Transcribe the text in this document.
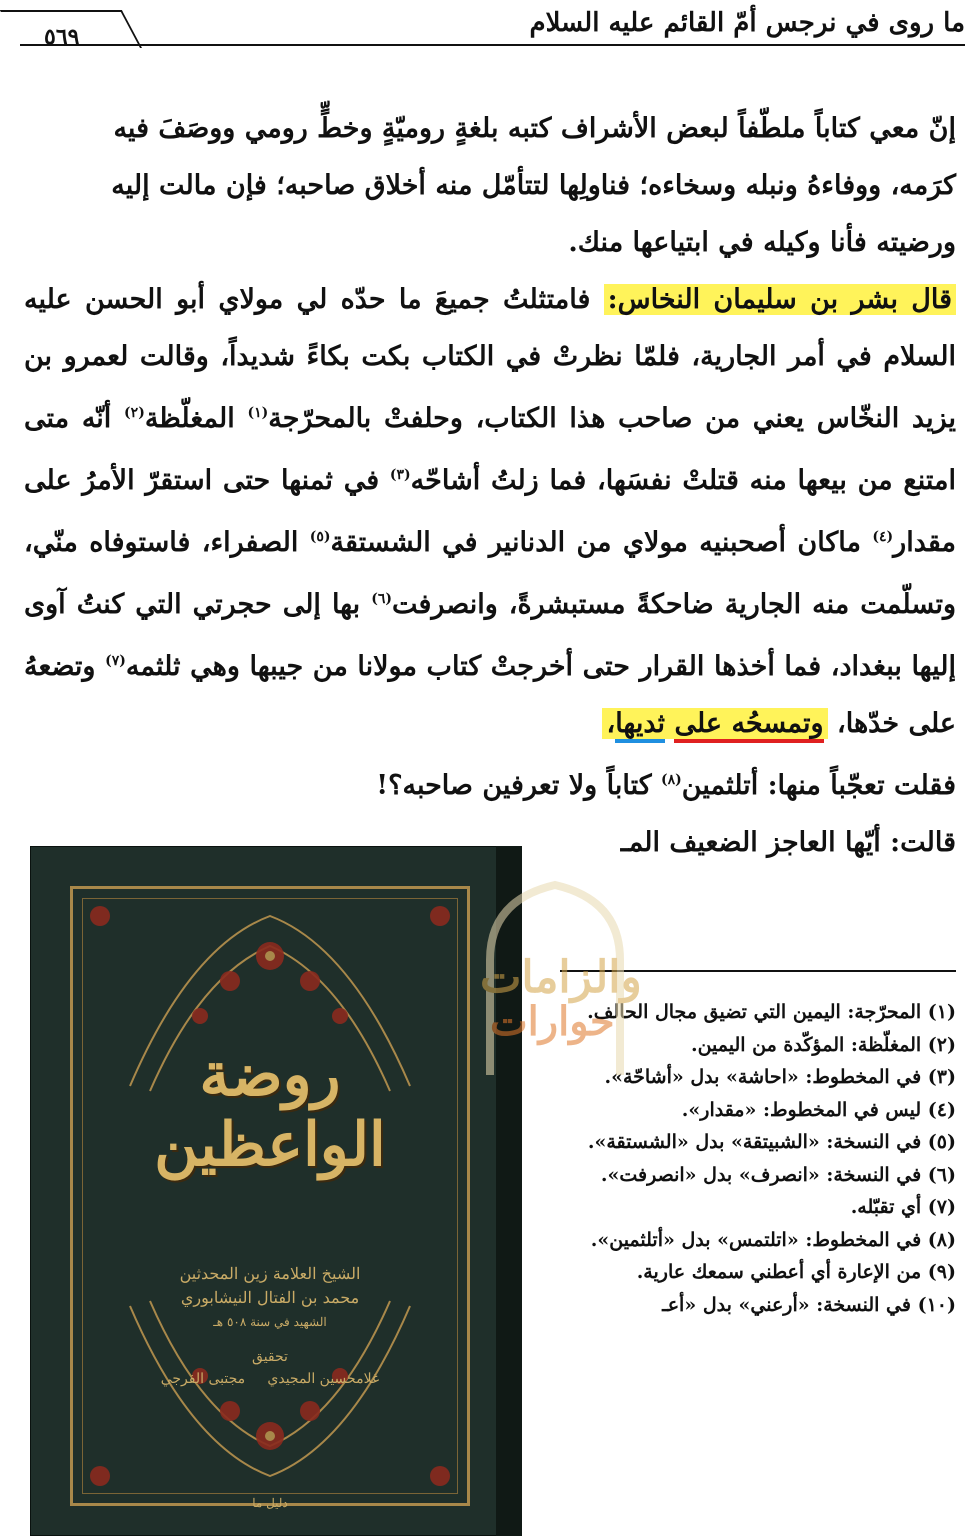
٥٦٩	ما روى في نرجس أمّ القائم عليه السلام

إنّ معي كتاباً ملطّفاً لبعض الأشراف كتبه بلغةٍ روميّةٍ وخطٍّ رومي ووصَفَ فيه

كرَمه، ووفاءهُ ونبله وسخاءه؛ فناولِها لتتأمّل منه أخلاق صاحبه؛ فإن مالت إليه

ورضيته فأنا وكيله في ابتياعها منك.

قال بشر بن سليمان النخاس: فامتثلتُ جميعَ ما حدّه لي مولاي أبو الحسن عليه السلام في أمر الجارية، فلمّا نظرتْ في الكتاب بكت بكاءً شديداً، وقالت لعمرو بن يزيد النخّاس يعني من صاحب هذا الكتاب، وحلفتْ بالمحرّجة$^{(١)}$ المغلّظة$^{(٢)}$ أنّه متى امتنع من بيعها منه قتلتْ نفسَها، فما زلتُ أشاحّه$^{(٣)}$ في ثمنها حتى استقرّ الأمرُ على مقدار$^{(٤)}$ ماكان أصحبنيه مولاي من الدنانير في الشستقة$^{(٥)}$ الصفراء، فاستوفاه منّي، وتسلّمت منه الجارية ضاحكةً مستبشرةً، وانصرفت$^{(٦)}$ بها إلى حجرتي التي كنتُ آوى إليها ببغداد، فما أخذها القرار حتى أخرجتْ كتاب مولانا من جيبها وهي ثلثمه$^{(٧)}$ وتضعهُ على خدّها، وتمسحُه على ثديها،

فقلت تعجّباً منها: أتلثمين$^{(٨)}$ كتاباً ولا تعرفين صاحبه؟!

قالت: أيّها العاجز الضعيف المـ

(١) المحرّجة: اليمين التي تضيق مجال الحالف.
(٢) المغلّظة: المؤكّدة من اليمين.
(٣) في المخطوط: «احاشة» بدل «أشاحّة».
(٤) ليس في المخطوط: «مقدار».
(٥) في النسخة: «الشبيتقة» بدل «الشستقة».
(٦) في النسخة: «انصرف» بدل «انصرفت».
(٧) أي تقبّله.
(٨) في المخطوط: «اتلتمس» بدل «أتلثمين».
(٩) من الإعارة أي أعطني سمعك عارية.
(١٠) في النسخة: «أرعني» بدل «أعـ
روضة الواعظين
الشيخ العلامة زين المحدثين
محمد بن الفتال النيشابوري
الشهيد في سنة ٥٠٨ هـ
تحقيق
غلامحسين المجيدي     مجتبى الفرجي
دليل ما
والزامات
حوارات
